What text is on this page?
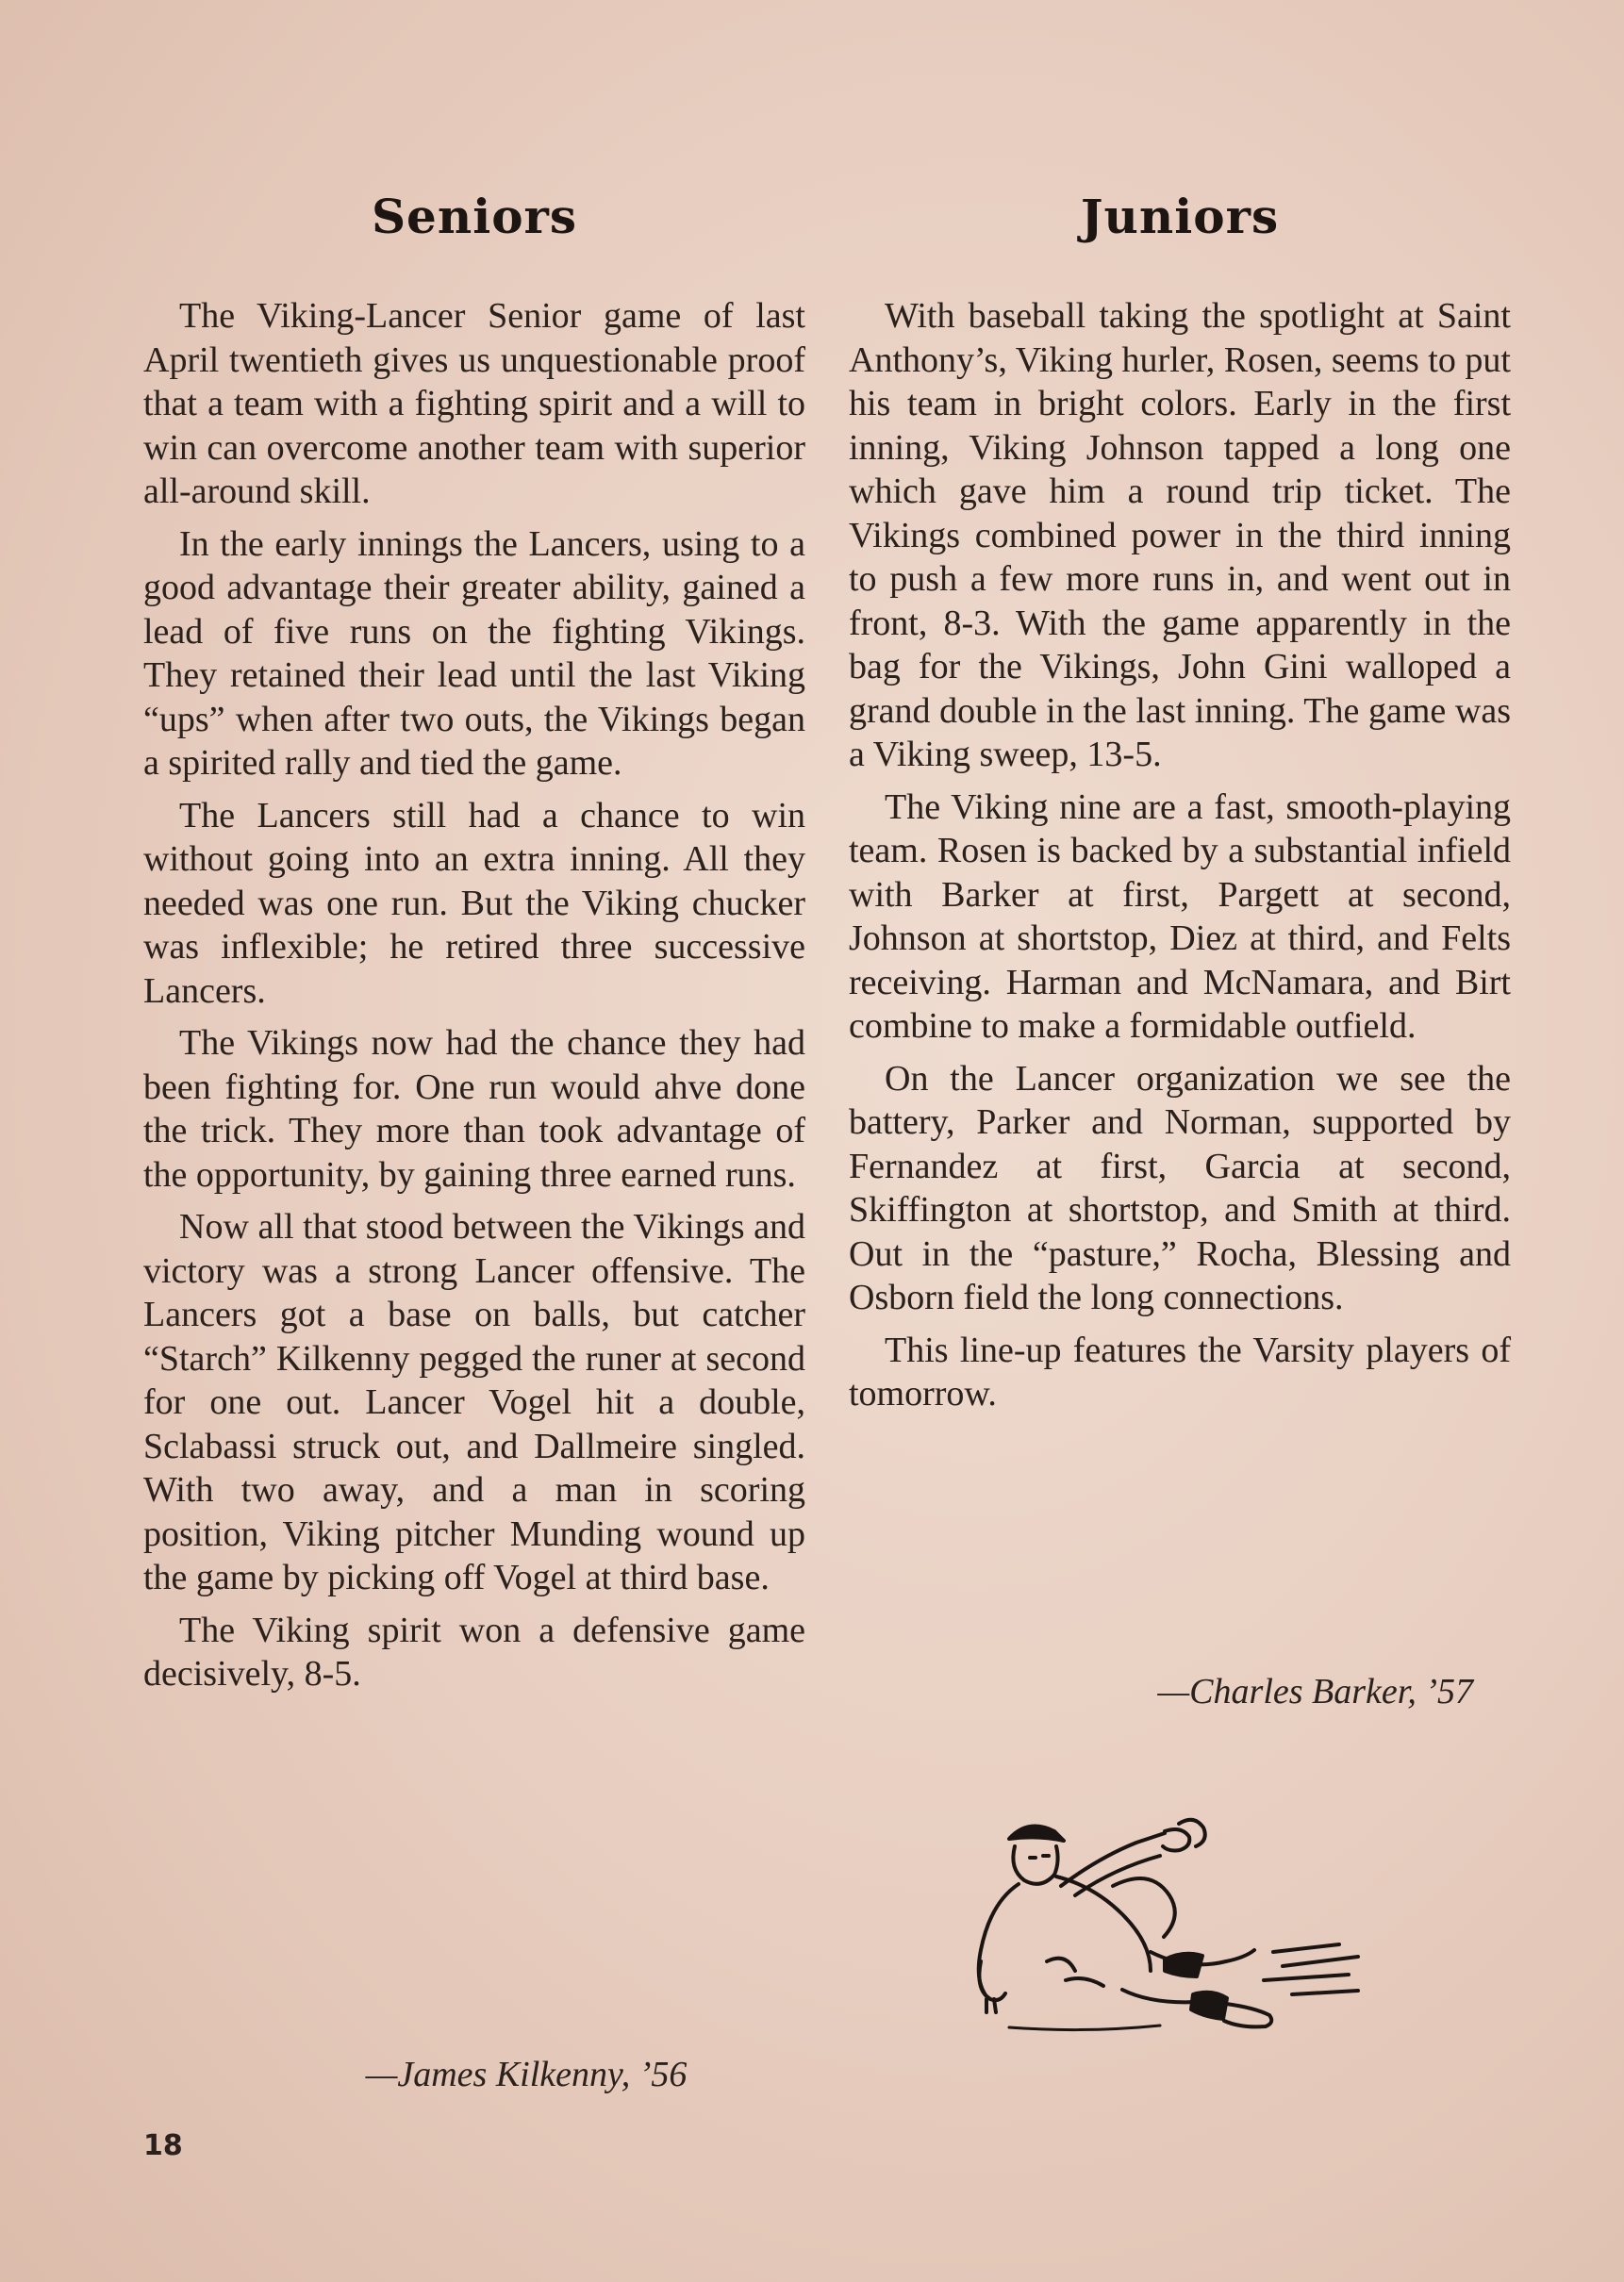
Seniors

The Viking-Lancer Senior game of last April twentieth gives us unquestionable proof that a team with a fighting spirit and a will to win can overcome another team with superior all-around skill.

In the early innings the Lancers, using to a good advantage their greater ability, gained a lead of five runs on the fighting Vikings. They retained their lead until the last Viking “ups” when after two outs, the Vikings began a spirited rally and tied the game.

The Lancers still had a chance to win without going into an extra inning. All they needed was one run. But the Viking chucker was inflexible; he retired three successive Lancers.

The Vikings now had the chance they had been fighting for. One run would ahve done the trick. They more than took advantage of the opportunity, by gaining three earned runs.

Now all that stood between the Vikings and victory was a strong Lancer offensive. The Lancers got a base on balls, but catcher “Starch” Kilkenny pegged the runer at second for one out. Lancer Vogel hit a double, Sclabassi struck out, and Dallmeire singled. With two away, and a man in scoring position, Viking pitcher Munding wound up the game by picking off Vogel at third base.

The Viking spirit won a defensive game decisively, 8-5.

—James Kilkenny, ’56
Juniors

With baseball taking the spotlight at Saint Anthony’s, Viking hurler, Rosen, seems to put his team in bright colors. Early in the first inning, Viking Johnson tapped a long one which gave him a round trip ticket. The Vikings combined power in the third inning to push a few more runs in, and went out in front, 8-3. With the game apparently in the bag for the Vikings, John Gini walloped a grand double in the last inning. The game was a Viking sweep, 13-5.

The Viking nine are a fast, smooth-playing team. Rosen is backed by a substantial infield with Barker at first, Pargett at second, Johnson at shortstop, Diez at third, and Felts receiving. Harman and McNamara, and Birt combine to make a formidable outfield.

On the Lancer organization we see the battery, Parker and Norman, supported by Fernandez at first, Garcia at second, Skiffington at shortstop, and Smith at third. Out in the “pasture,” Rocha, Blessing and Osborn field the long connections.

This line-up features the Varsity players of tomorrow.

—Charles Barker, ’57
18
